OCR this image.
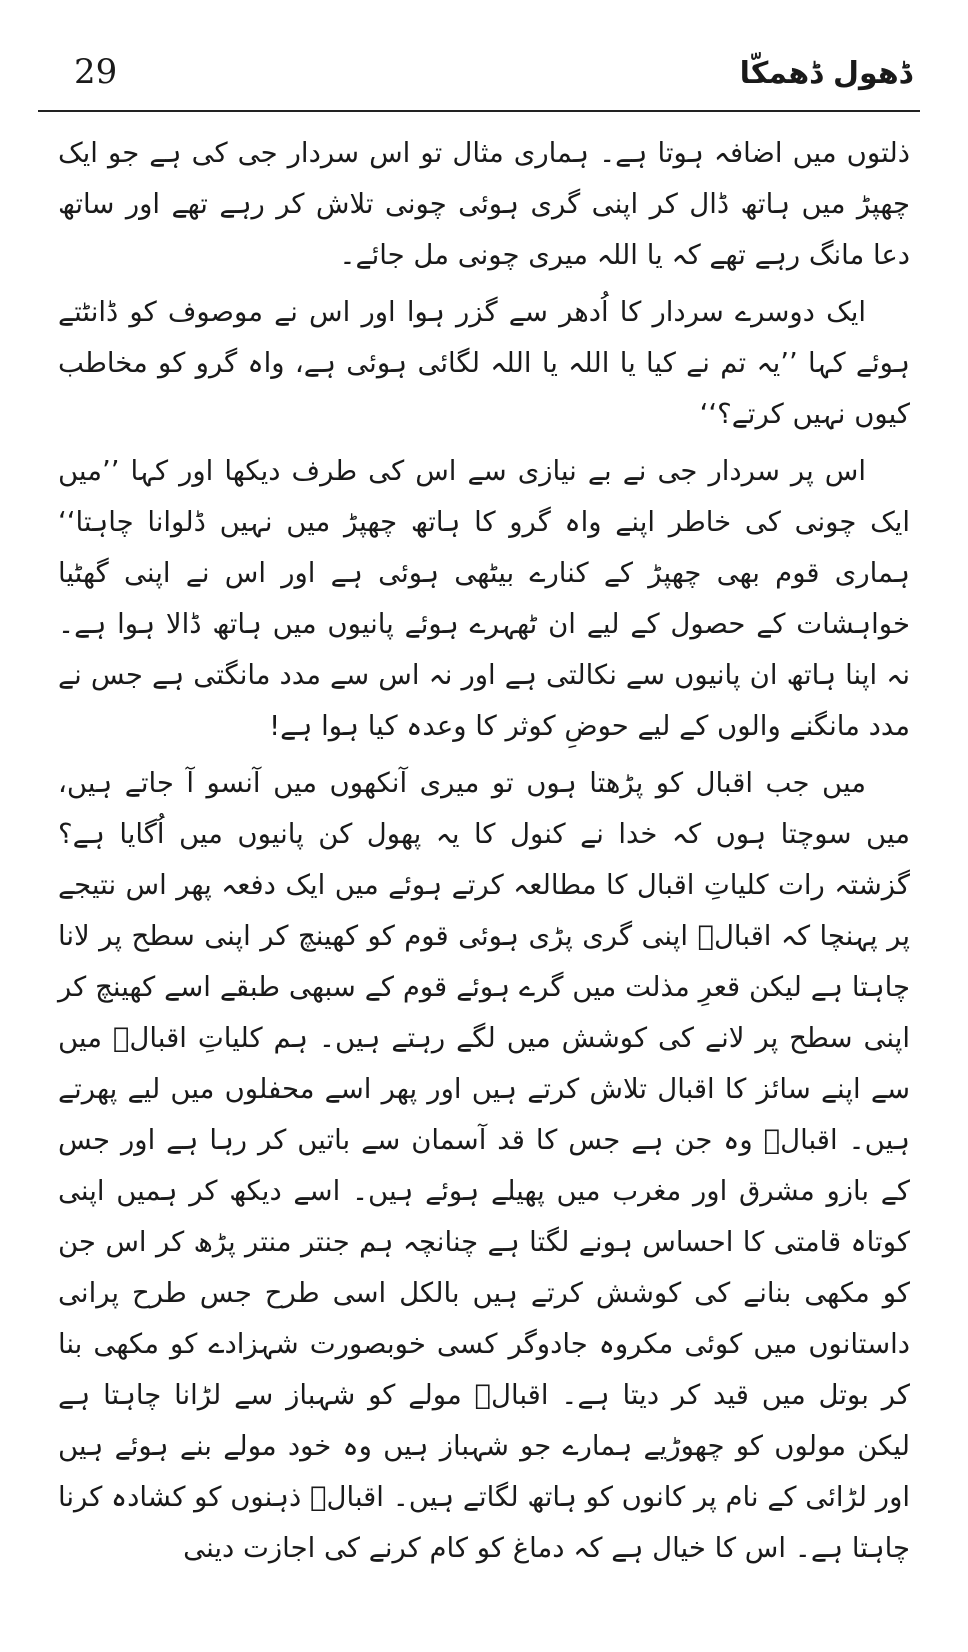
29	ڈھول ڈھمکّا

ذلتوں میں اضافہ ہوتا ہے۔ ہماری مثال تو اس سردار جی کی ہے جو ایک چھپڑ میں ہاتھ ڈال کر اپنی گری ہوئی چونی تلاش کر رہے تھے اور ساتھ دعا مانگ رہے تھے کہ یا اللہ میری چونی مل جائے۔

ایک دوسرے سردار کا اُدھر سے گزر ہوا اور اس نے موصوف کو ڈانٹتے ہوئے کہا ’’یہ تم نے کیا یا اللہ یا اللہ لگائی ہوئی ہے، واہ گرو کو مخاطب کیوں نہیں کرتے؟‘‘

اس پر سردار جی نے بے نیازی سے اس کی طرف دیکھا اور کہا ’’میں ایک چونی کی خاطر اپنے واہ گرو کا ہاتھ چھپڑ میں نہیں ڈلوانا چاہتا‘‘ ہماری قوم بھی چھپڑ کے کنارے بیٹھی ہوئی ہے اور اس نے اپنی گھٹیا خواہشات کے حصول کے لیے ان ٹھہرے ہوئے پانیوں میں ہاتھ ڈالا ہوا ہے۔ نہ اپنا ہاتھ ان پانیوں سے نکالتی ہے اور نہ اس سے مدد مانگتی ہے جس نے مدد مانگنے والوں کے لیے حوضِ کوثر کا وعدہ کیا ہوا ہے!

میں جب اقبال کو پڑھتا ہوں تو میری آنکھوں میں آنسو آ جاتے ہیں، میں سوچتا ہوں کہ خدا نے کنول کا یہ پھول کن پانیوں میں اُگایا ہے؟ گزشتہ رات کلیاتِ اقبال کا مطالعہ کرتے ہوئے میں ایک دفعہ پھر اس نتیجے پر پہنچا کہ اقبالؒ اپنی گری پڑی ہوئی قوم کو کھینچ کر اپنی سطح پر لانا چاہتا ہے لیکن قعرِ مذلت میں گرے ہوئے قوم کے سبھی طبقے اسے کھینچ کر اپنی سطح پر لانے کی کوشش میں لگے رہتے ہیں۔ ہم کلیاتِ اقبالؒ میں سے اپنے سائز کا اقبال تلاش کرتے ہیں اور پھر اسے محفلوں میں لیے پھرتے ہیں۔ اقبالؒ وہ جن ہے جس کا قد آسمان سے باتیں کر رہا ہے اور جس کے بازو مشرق اور مغرب میں پھیلے ہوئے ہیں۔ اسے دیکھ کر ہمیں اپنی کوتاہ قامتی کا احساس ہونے لگتا ہے چنانچہ ہم جنتر منتر پڑھ کر اس جن کو مکھی بنانے کی کوشش کرتے ہیں بالکل اسی طرح جس طرح پرانی داستانوں میں کوئی مکروہ جادوگر کسی خوبصورت شہزادے کو مکھی بنا کر بوتل میں قید کر دیتا ہے۔ اقبالؒ مولے کو شہباز سے لڑانا چاہتا ہے لیکن مولوں کو چھوڑیے ہمارے جو شہباز ہیں وہ خود مولے بنے ہوئے ہیں اور لڑائی کے نام پر کانوں کو ہاتھ لگاتے ہیں۔ اقبالؒ ذہنوں کو کشادہ کرنا چاہتا ہے۔ اس کا خیال ہے کہ دماغ کو کام کرنے کی اجازت دینی
